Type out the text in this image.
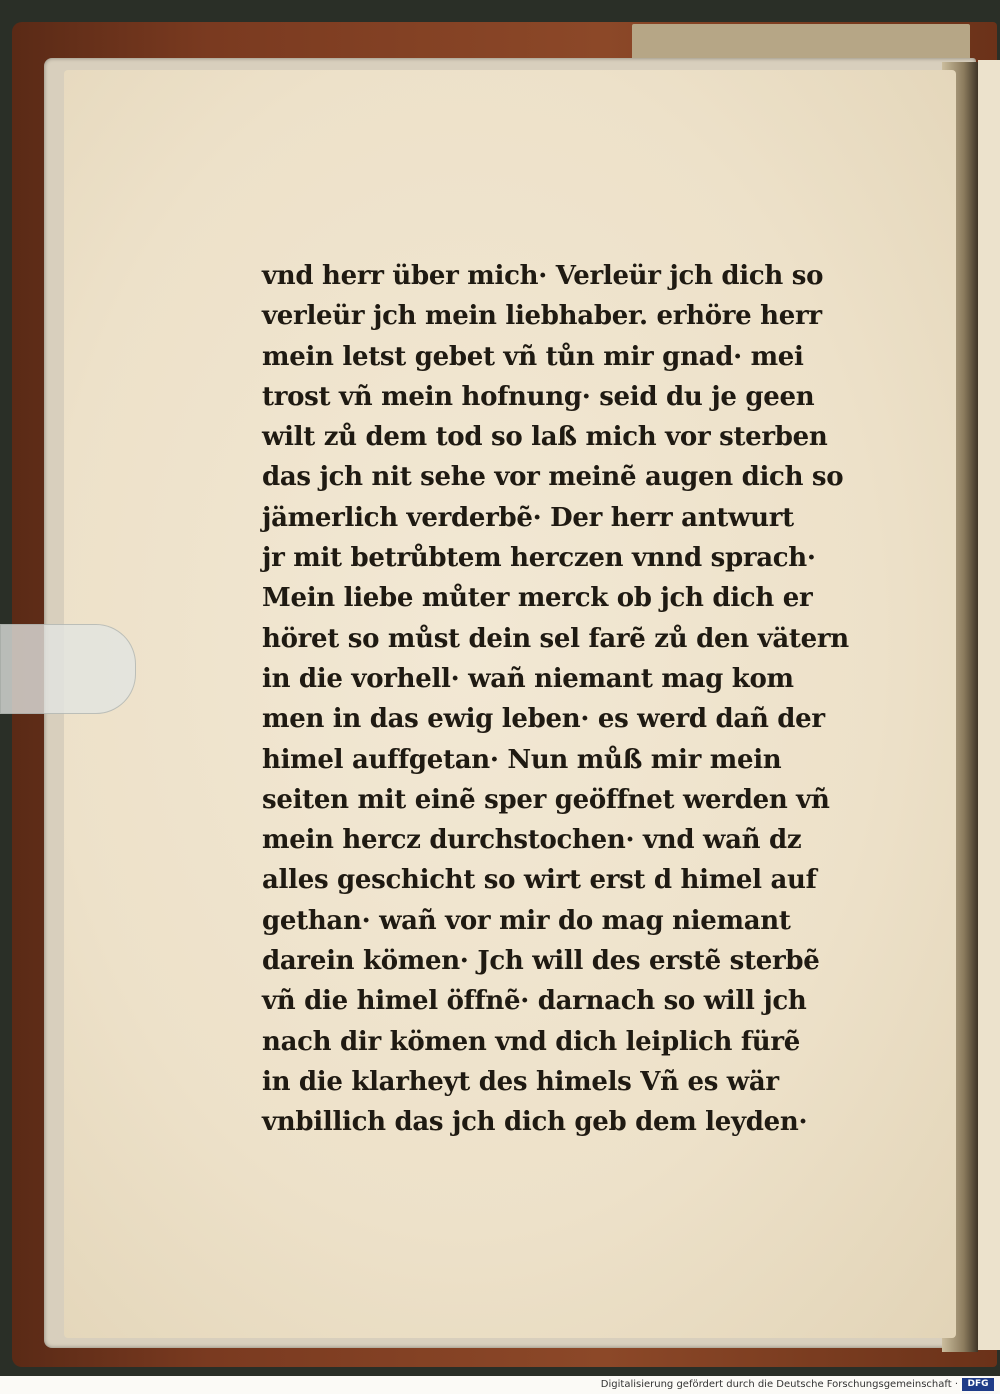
vnd herr über mich· Verleür jch dich so
verleür jch mein liebhaber. erhöre herr
mein letst gebet vñ tůn mir gnad· mei
trost vñ mein hofnung· seid du je geen
wilt zů dem tod so laß mich vor sterben
das jch nit sehe vor meinẽ augen dich so
jämerlich verderbẽ· Der herr antwurt
jr mit betrůbtem herczen vnnd sprach·
Mein liebe můter merck ob jch dich er
höret so můst dein sel farẽ zů den vätern
in die vorhell· wañ niemant mag kom
men in das ewig leben· es werd dañ der
himel auffgetan· Nun můß mir mein
seiten mit einẽ sper geöffnet werden vñ
mein hercz durchstochen· vnd wañ dz
alles geschicht so wirt erst d himel auf
gethan· wañ vor mir do mag niemant
darein kömen· Jch will des erstẽ sterbẽ
vñ die himel öffnẽ· darnach so will jch
nach dir kömen vnd dich leiplich fürẽ
in die klarheyt des himels Vñ es wär
vnbillich das jch dich geb dem leyden·
Digitalisierung gefördert durch die Deutsche Forschungsgemeinschaft ·	DFG
